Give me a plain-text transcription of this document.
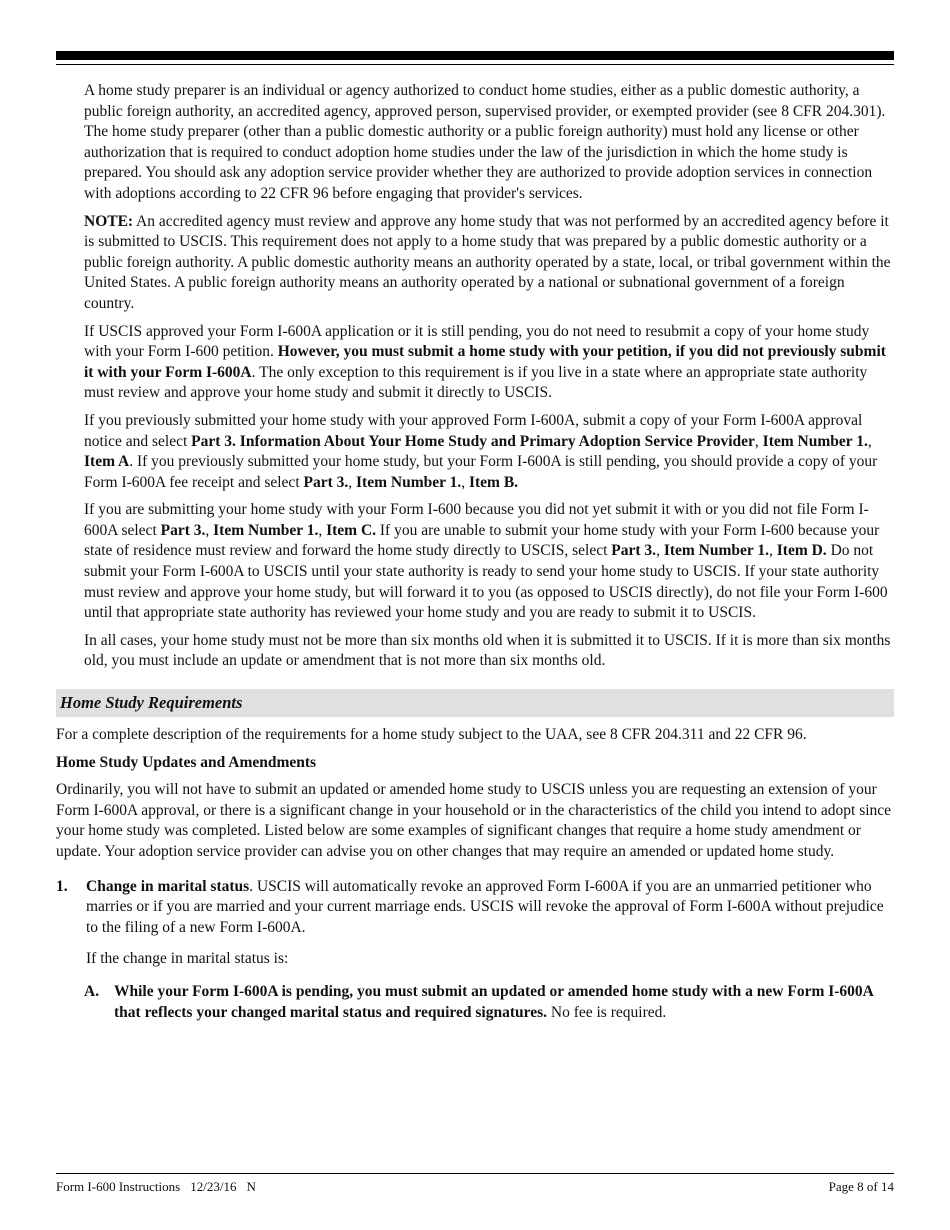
A home study preparer is an individual or agency authorized to conduct home studies, either as a public domestic authority, a public foreign authority, an accredited agency, approved person, supervised provider, or exempted provider (see 8 CFR 204.301). The home study preparer (other than a public domestic authority or a public foreign authority) must hold any license or other authorization that is required to conduct adoption home studies under the law of the jurisdiction in which the home study is prepared. You should ask any adoption service provider whether they are authorized to provide adoption services in connection with adoptions according to 22 CFR 96 before engaging that provider's services.

NOTE: An accredited agency must review and approve any home study that was not performed by an accredited agency before it is submitted to USCIS. This requirement does not apply to a home study that was prepared by a public domestic authority or a public foreign authority. A public domestic authority means an authority operated by a state, local, or tribal government within the United States. A public foreign authority means an authority operated by a national or subnational government of a foreign country.

If USCIS approved your Form I-600A application or it is still pending, you do not need to resubmit a copy of your home study with your Form I-600 petition. However, you must submit a home study with your petition, if you did not previously submit it with your Form I-600A. The only exception to this requirement is if you live in a state where an appropriate state authority must review and approve your home study and submit it directly to USCIS.

If you previously submitted your home study with your approved Form I-600A, submit a copy of your Form I-600A approval notice and select Part 3. Information About Your Home Study and Primary Adoption Service Provider, Item Number 1., Item A. If you previously submitted your home study, but your Form I-600A is still pending, you should provide a copy of your Form I-600A fee receipt and select Part 3., Item Number 1., Item B.

If you are submitting your home study with your Form I-600 because you did not yet submit it with or you did not file Form I-600A select Part 3., Item Number 1., Item C. If you are unable to submit your home study with your Form I-600 because your state of residence must review and forward the home study directly to USCIS, select Part 3., Item Number 1., Item D. Do not submit your Form I-600A to USCIS until your state authority is ready to send your home study to USCIS. If your state authority must review and approve your home study, but will forward it to you (as opposed to USCIS directly), do not file your Form I-600 until that appropriate state authority has reviewed your home study and you are ready to submit it to USCIS.

In all cases, your home study must not be more than six months old when it is submitted it to USCIS. If it is more than six months old, you must include an update or amendment that is not more than six months old.

Home Study Requirements

For a complete description of the requirements for a home study subject to the UAA, see 8 CFR 204.311 and 22 CFR 96.

Home Study Updates and Amendments

Ordinarily, you will not have to submit an updated or amended home study to USCIS unless you are requesting an extension of your Form I-600A approval, or there is a significant change in your household or in the characteristics of the child you intend to adopt since your home study was completed. Listed below are some examples of significant changes that require a home study amendment or update. Your adoption service provider can advise you on other changes that may require an amended or updated home study.

1.	Change in marital status. USCIS will automatically revoke an approved Form I-600A if you are an unmarried petitioner who marries or if you are married and your current marriage ends. USCIS will revoke the approval of Form I-600A without prejudice to the filing of a new Form I-600A.

If the change in marital status is:

A. While your Form I-600A is pending, you must submit an updated or amended home study with a new Form I-600A that reflects your changed marital status and required signatures. No fee is required.
Form I-600 Instructions 12/23/16 N	Page 8 of 14
